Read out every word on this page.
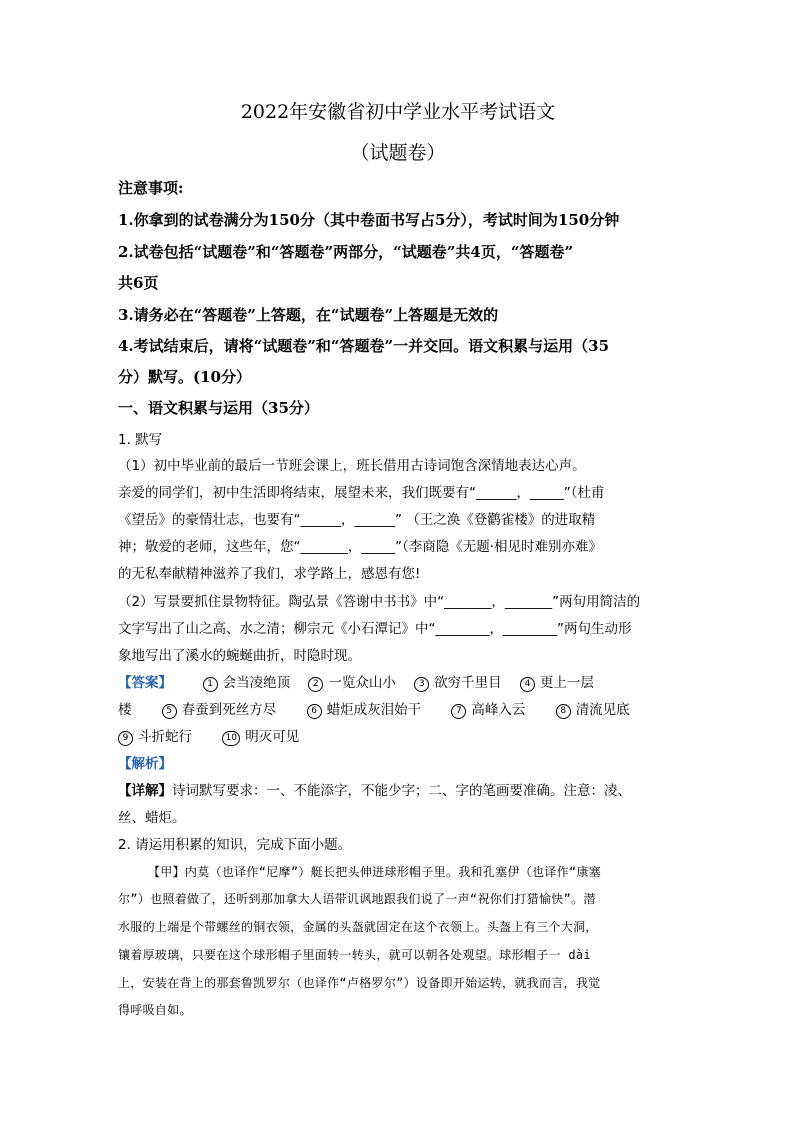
2022年安徽省初中学业水平考试语文
（试题卷）
注意事项:
1.你拿到的试卷满分为150分（其中卷面书写占5分），考试时间为150分钟
2.试卷包括“试题卷”和“答题卷”两部分，“试题卷”共4页，“答题卷”
共6页
3.请务必在“答题卷”上答题，在“试题卷”上答题是无效的
4.考试结束后，请将“试题卷”和“答题卷”一并交回。语文积累与运用（35
分）默写。(10分）
一、语文积累与运用（35分）
1. 默写
（1）初中毕业前的最后一节班会课上，班长借用古诗词饱含深情地表达心声。
亲爱的同学们，初中生活即将结束，展望未来，我们既要有“______，_____”（杜甫
《望岳》的豪情壮志，也要有“______，______” （王之涣《登鹳雀楼》的进取精
神；敬爱的老师，这些年，您“_______，_____”（李商隐《无题·相见时难别亦难》
的无私奉献精神滋养了我们，求学路上，感恩有您!
（2）写景要抓住景物特征。陶弘景《答谢中书书》中“_______，_______”两句用简洁的
文字写出了山之高、水之清；柳宗元《小石潭记》中“________，________”两句生动形
象地写出了溪水的蜿蜒曲折，时隐时现。
【答案】	1 会当凌绝顶	2 一览众山小	3 欲穷千里目	4 更上一层
楼	5 春蚕到死丝方尽	6 蜡炬成灰泪始干	7 高峰入云	8 清流见底
9 斗折蛇行	10 明灭可见
【解析】
【详解】诗词默写要求：一、不能添字，不能少字；二、字的笔画要准确。注意：凌、
丝、蜡炬。
2. 请运用积累的知识，完成下面小题。
【甲】内莫（也译作“尼摩”）艇长把头伸进球形帽子里。我和孔塞伊（也译作“康塞
尔”）也照着做了，还听到那加拿大人语带讥讽地跟我们说了一声“祝你们打猎愉快”。潜
水服的上端是个带螺丝的铜衣领，金属的头盔就固定在这个衣领上。头盔上有三个大洞，
镶着厚玻璃，只要在这个球形帽子里面转一转头，就可以朝各处观望。球形帽子一 dài
上，安装在背上的那套鲁凯罗尔（也译作“卢格罗尔”）设备即开始运转，就我而言，我觉
得呼吸自如。
